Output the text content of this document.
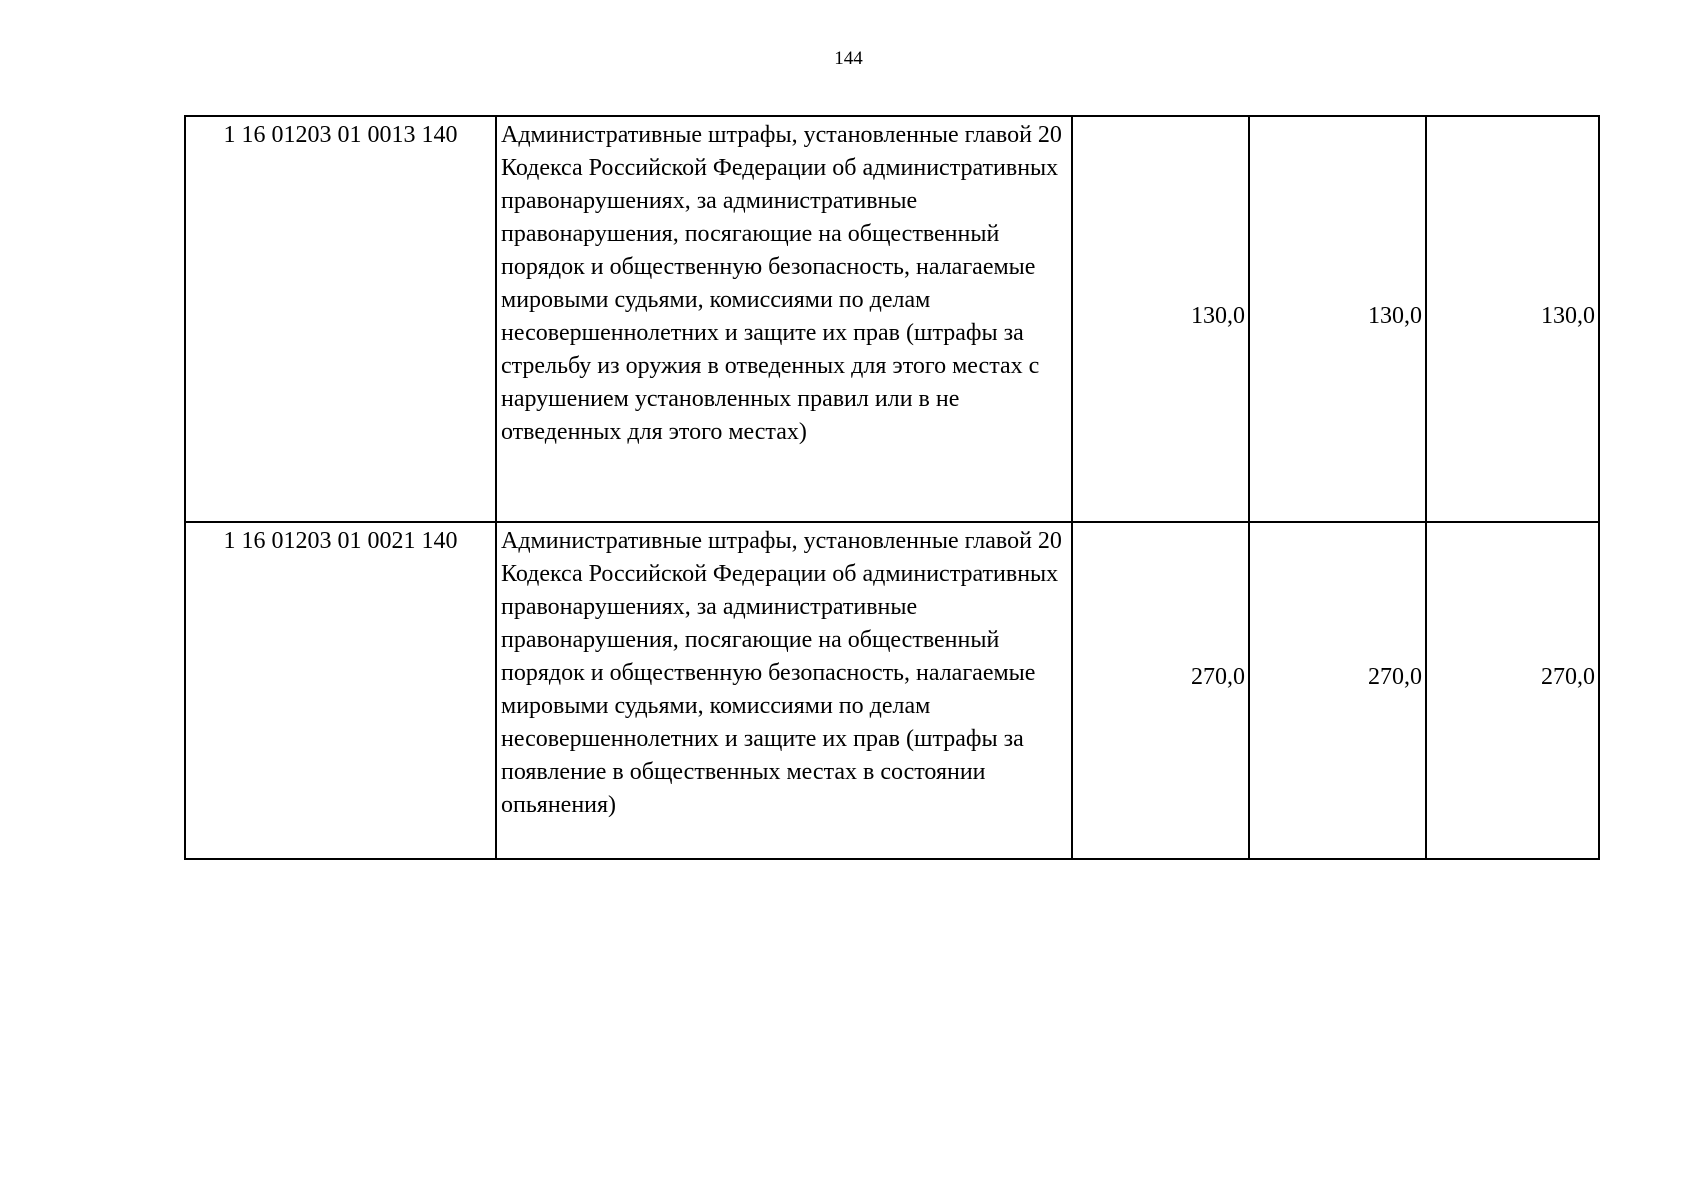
144
1 16 01203 01 0013 140	Административные штрафы, установленные главой 20 Кодекса Российской Федерации об административных правонарушениях, за административные правонарушения, посягающие на общественный порядок и общественную безопасность, налагаемые мировыми судьями, комиссиями по делам несовершеннолетних и защите их прав (штрафы за стрельбу из оружия в отведенных для этого местах с нарушением установленных правил или в не отведенных для этого местах)	130,0	130,0	130,0
1 16 01203 01 0021 140	Административные штрафы, установленные главой 20 Кодекса Российской Федерации об административных правонарушениях, за административные правонарушения, посягающие на общественный порядок и общественную безопасность, налагаемые мировыми судьями, комиссиями по делам несовершеннолетних и защите их прав (штрафы за появление в общественных местах в состоянии опьянения)	270,0	270,0	270,0
